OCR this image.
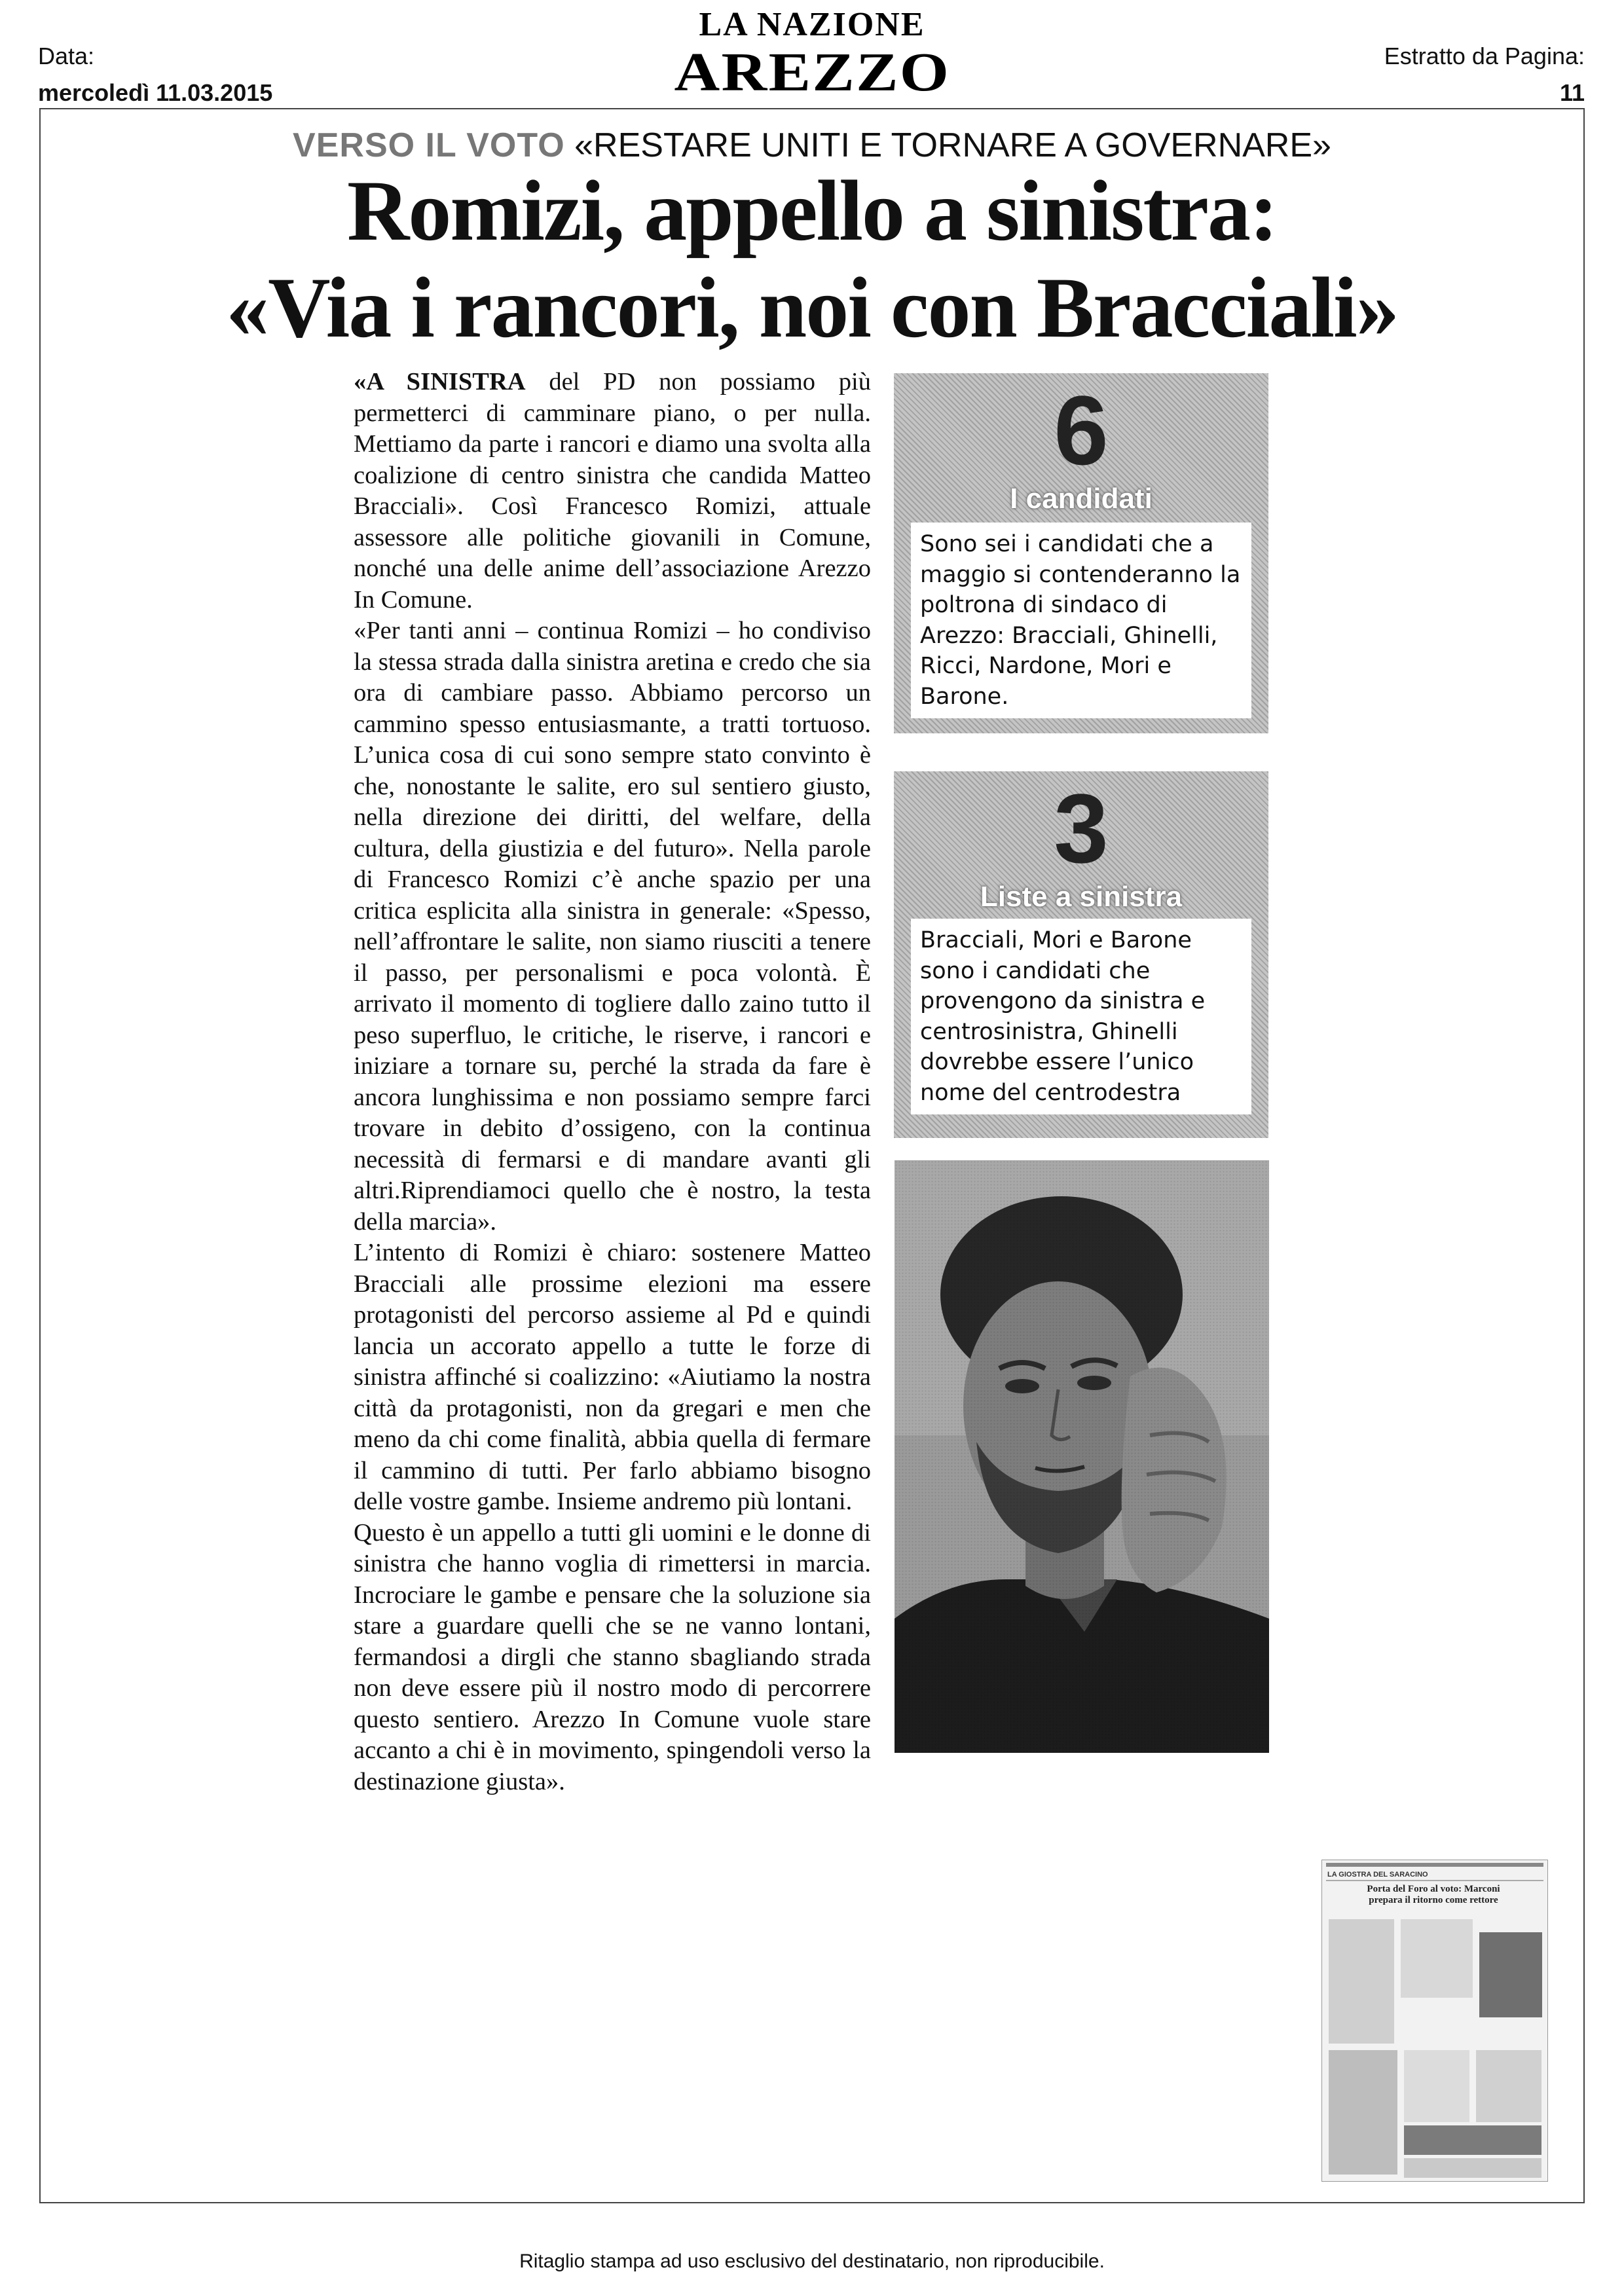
Data:
mercoledì 11.03.2015
LA NAZIONE
AREZZO	Estratto da Pagina:
11
VERSO IL VOTO «RESTARE UNITI E TORNARE A GOVERNARE»
Romizi, appello a sinistra:
«Via i rancori, noi con Bracciali»

«A SINISTRA del PD non possiamo più permetterci di camminare piano, o per nulla. Mettiamo da parte i rancori e diamo una svolta alla coalizione di centro sinistra che candida Matteo Bracciali». Così Francesco Romizi, attuale assessore alle politiche giovanili in Comune, nonché una delle anime dell’associazione Arezzo In Comune.

«Per tanti anni – continua Romizi – ho condiviso la stessa strada dalla sinistra aretina e credo che sia ora di cambiare passo. Abbiamo percorso un cammino spesso entusiasmante, a tratti tortuoso. L’unica cosa di cui sono sempre stato convinto è che, nonostante le salite, ero sul sentiero giusto, nella direzione dei diritti, del welfare, della cultura, della giustizia e del futuro». Nella parole di Francesco Romizi c’è anche spazio per una critica esplicita alla sinistra in generale: «Spesso, nell’affrontare le salite, non siamo riusciti a tenere il passo, per personalismi e poca volontà. È arrivato il momento di togliere dallo zaino tutto il peso superfluo, le critiche, le riserve, i rancori e iniziare a tornare su, perché la strada da fare è ancora lunghissima e non possiamo sempre farci trovare in debito d’ossigeno, con la continua necessità di fermarsi e di mandare avanti gli altri.Riprendiamoci quello che è nostro, la testa della marcia».

L’intento di Romizi è chiaro: sostenere Matteo Bracciali alle prossime elezioni ma essere protagonisti del percorso assieme al Pd e quindi lancia un accorato appello a tutte le forze di sinistra affinché si coalizzino: «Aiutiamo la nostra città da protagonisti, non da gregari e men che meno da chi come finalità, abbia quella di fermare il cammino di tutti. Per farlo abbiamo bisogno delle vostre gambe. Insieme andremo più lontani.

Questo è un appello a tutti gli uomini e le donne di sinistra che hanno voglia di rimettersi in marcia. Incrociare le gambe e pensare che la soluzione sia stare a guardare quelli che se ne vanno lontani, fermandosi a dirgli che stanno sbagliando strada non deve essere più il nostro modo di percorrere questo sentiero. Arezzo In Comune vuole stare accanto a chi è in movimento, spingendoli verso la destinazione giusta».

6
I candidati
Sono sei i candidati che a maggio si contenderanno la poltrona di sindaco di Arezzo: Bracciali, Ghinelli, Ricci, Nardone, Mori e Barone.
3
Liste a sinistra
Bracciali, Mori e Barone sono i candidati che provengono da sinistra e centrosinistra, Ghinelli dovrebbe essere l’unico nome del centrodestra
LA GIOSTRA DEL SARACINO
Porta del Foro al voto: Marconi prepara il ritorno come rettore
Ritaglio stampa ad uso esclusivo del destinatario, non riproducibile.
